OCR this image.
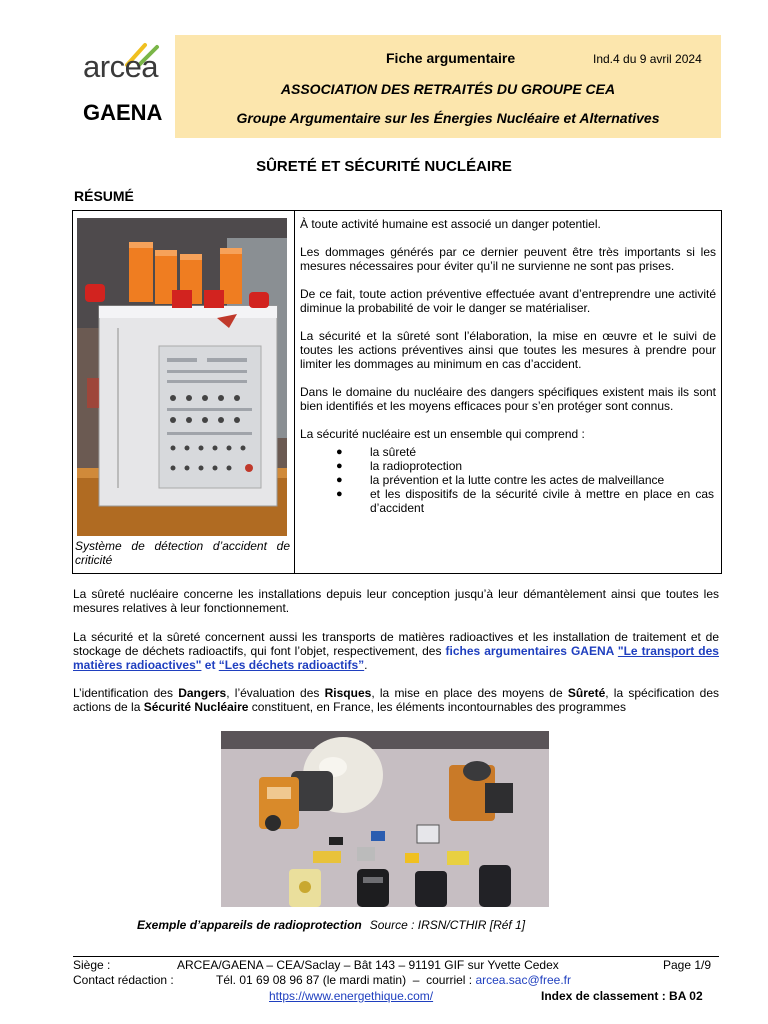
arcea
GAENA
Fiche argumentaire	Ind.4 du 9 avril 2024
ASSOCIATION DES RETRAITÉS DU GROUPE CEA
Groupe Argumentaire sur les Énergies Nucléaire et Alternatives
SÛRETÉ ET SÉCURITÉ NUCLÉAIRE
RÉSUMÉ
Système de détection d’accident de criticité

À toute activité humaine est associé un danger potentiel.

Les dommages générés par ce dernier peuvent être très importants si les mesures nécessaires pour éviter qu’il ne survienne ne sont pas prises.

De ce fait, toute action préventive effectuée avant d’entreprendre une activité diminue la probabilité de voir le danger se matérialiser.

La sécurité et la sûreté sont l’élaboration, la mise en œuvre et le suivi de toutes les actions préventives ainsi que toutes les mesures à prendre pour limiter les dommages au minimum en cas d’accident.

Dans le domaine du nucléaire des dangers spécifiques existent mais ils sont bien identifiés et les moyens efficaces pour s’en protéger sont connus.

La sécurité nucléaire est un ensemble qui comprend :

● la sûreté
● la radioprotection
● la prévention et la lutte contre les actes de malveillance
● et les dispositifs de la sécurité civile à mettre en place en cas d’accident
La sûreté nucléaire concerne les installations depuis leur conception jusqu’à leur démantèlement ainsi que toutes les mesures relatives à leur fonctionnement.
La sécurité et la sûreté concernent aussi les transports de matières radioactives et les installation de traitement et de stockage de déchets radioactifs, qui font l’objet, respectivement, des fiches argumentaires GAENA "Le transport des matières radioactives" et “Les déchets radioactifs”.
L’identification des Dangers, l’évaluation des Risques, la mise en place des moyens de Sûreté, la spécification des actions de la Sécurité Nucléaire constituent, en France, les éléments incontournables des programmes
Exemple d’appareils de radioprotection Source : IRSN/CTHIR [Réf 1]
Siège :	ARCEA/GAENA – CEA/Saclay – Bât 143 – 91191 GIF sur Yvette Cedex	Page 1/9
Contact rédaction :	Tél. 01 69 08 96 87 (le mardi matin)  –  courriel : arcea.sac@free.fr
https://www.energethique.com/	Index de classement : BA 02
